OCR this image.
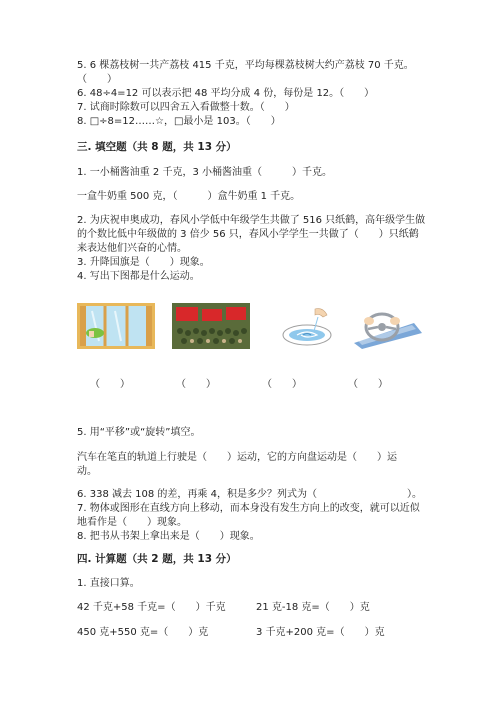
5. 6 棵荔枝树一共产荔枝 415 千克，平均每棵荔枝树大约产荔枝 70 千克。
（　　）
6. 48÷4=12 可以表示把 48 平均分成 4 份，每份是 12。（　　）
7. 试商时除数可以四舍五入看做整十数。（　　）
8. □÷8=12……☆，□最小是 103。（　　）
三. 填空题（共 8 题，共 13 分）
1. 一小桶酱油重 2 千克，3 小桶酱油重（　　　）千克。
一盒牛奶重 500 克，（　　　）盒牛奶重 1 千克。
2. 为庆祝申奥成功，春风小学低中年级学生共做了 516 只纸鹤，高年级学生做
的个数比低中年级做的 3 倍少 56 只，春风小学学生一共做了（　　）只纸鹤
来表达他们兴奋的心情。
3. 升降国旗是（　　）现象。
4. 写出下图都是什么运动。
（　　）	（　　）	（　　）	（　　）
5. 用“平移”或“旋转”填空。
汽车在笔直的轨道上行驶是（　　）运动，它的方向盘运动是（　　）运
动。
6. 338 减去 108 的差，再乘 4，积是多少？列式为（　　　　　　　　　）。
7. 物体或图形在直线方向上移动，而本身没有发生方向上的改变，就可以近似
地看作是（　　）现象。
8. 把书从书架上拿出来是（　　）现象。
四. 计算题（共 2 题，共 13 分）
1. 直接口算。
42 千克+58 千克=（　　）千克	21 克-18 克=（　　）克
450 克+550 克=（　　）克	3 千克+200 克=（　　）克
